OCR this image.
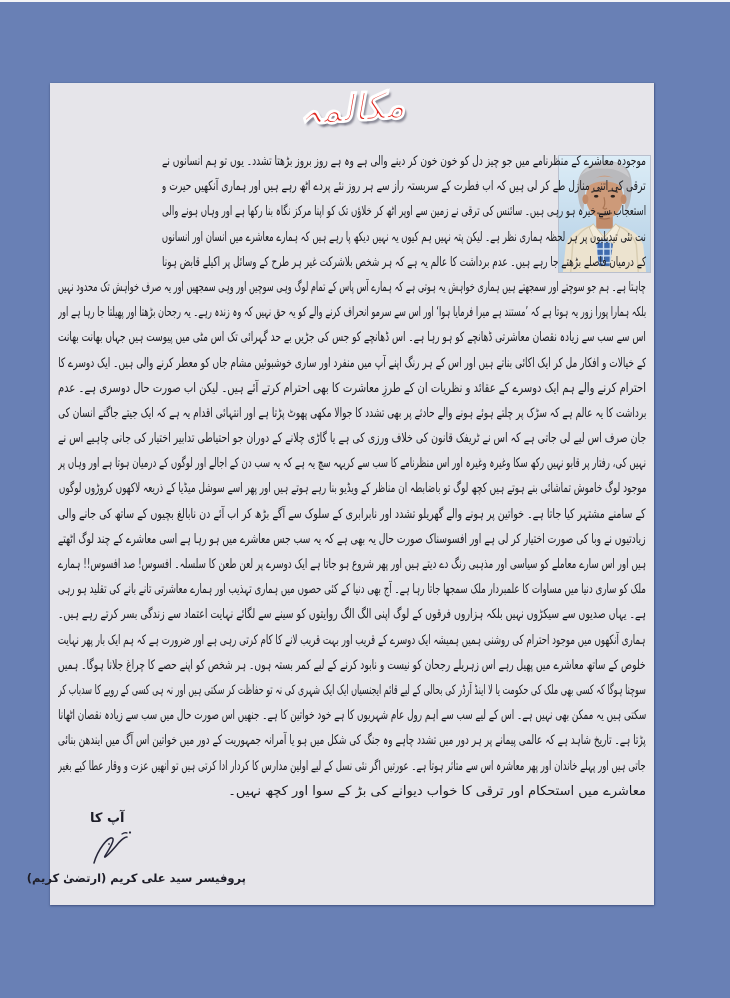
مکالمہ
موجودہ معاشرے کے منظرنامے میں جو چیز دل کو خون خون کر دینے والی ہے وہ ہے روز بروز بڑھتا تشدد۔ یوں تو ہم انسانوں نے
ترقی کی اتنی منازل طے کر لی ہیں کہ اب فطرت کے سربستہ راز سے ہر روز نئے پردے اٹھ رہے ہیں اور ہماری آنکھیں حیرت و
استعجاب سے خیرہ ہو رہی ہیں۔ سائنس کی ترقی نے زمین سے اوپر اٹھ کر خلاؤں تک کو اپنا مرکز نگاہ بنا رکھا ہے اور وہاں ہونے والی
نت نئی تبدیلیوں پر ہر لحظہ ہماری نظر ہے۔ لیکن پتہ نہیں ہم کیوں یہ نہیں دیکھ پا رہے ہیں کہ ہمارے معاشرے میں انسان اور انسانوں
کے درمیان فاصلے بڑھتے جا رہے ہیں۔ عدم برداشت کا عالم یہ ہے کہ ہر شخص بلاشرکت غیر ہر طرح کے وسائل پر اکیلے قابض ہونا
چاہتا ہے۔ ہم جو سوچتے اور سمجھتے ہیں ہماری خواہش یہ ہوتی ہے کہ ہمارے آس پاس کے تمام لوگ وہی سوچیں اور وہی سمجھیں اور یہ صرف خواہش تک محدود نہیں
بلکہ ہمارا پورا زور یہ ہوتا ہے کہ ’مستند ہے میرا فرمایا ہوا‘ اور اس سے سرمو انحراف کرنے والے کو یہ حق نہیں کہ وہ زندہ رہے۔ یہ رجحان بڑھتا اور پھیلتا جا رہا ہے اور
اس سے سب سے زیادہ نقصان معاشرتی ڈھانچے کو ہو رہا ہے۔ اس ڈھانچے کو جس کی جڑیں بے حد گہرائی تک اس مٹی میں پیوست ہیں جہاں بھانت بھانت
کے خیالات و افکار مل کر ایک اکائی بناتے ہیں اور اس کے ہر رنگ اپنے آپ میں منفرد اور ساری خوشبوئیں مشام جاں کو معطر کرنے والی ہیں۔ ایک دوسرے کا
احترام کرنے والے ہم ایک دوسرے کے عقائد و نظریات ان کے طرزِ معاشرت کا بھی احترام کرتے آئے ہیں۔ لیکن اب صورت حال دوسری ہے۔ عدم
برداشت کا یہ عالم ہے کہ سڑک پر چلتے ہوئے ہونے والے حادثے پر بھی تشدد کا جوالا مکھی پھوٹ پڑتا ہے اور انتہائی اقدام یہ ہے کہ ایک جیتے جاگتے انسان کی
جان صرف اس لیے لی جاتی ہے کہ اس نے ٹریفک قانون کی خلاف ورزی کی ہے یا گاڑی چلانے کے دوران جو احتیاطی تدابیر اختیار کی جانی چاہیے اس نے
نہیں کی، رفتار پر قابو نہیں رکھ سکا وغیرہ وغیرہ اور اس منظرنامے کا سب سے کریہہ سچ یہ ہے کہ یہ سب دن کے اجالے اور لوگوں کے درمیان ہوتا ہے اور وہاں پر
موجود لوگ خاموش تماشائی بنے ہوتے ہیں کچھ لوگ تو باضابطہ ان مناظر کے ویڈیو بنا رہے ہوتے ہیں اور پھر اسے سوشل میڈیا کے ذریعہ لاکھوں کروڑوں لوگوں
کے سامنے مشتہر کیا جاتا ہے۔ خواتین پر ہونے والے گھریلو تشدد اور نابرابری کے سلوک سے آگے بڑھ کر اب آئے دن نابالغ بچیوں کے ساتھ کی جانے والی
زیادتیوں نے وبا کی صورت اختیار کر لی ہے اور افسوسناک صورت حال یہ بھی ہے کہ یہ سب جس معاشرے میں ہو رہا ہے اسی معاشرے کے چند لوگ اٹھتے
ہیں اور اس سارے معاملے کو سیاسی اور مذہبی رنگ دے دیتے ہیں اور پھر شروع ہو جاتا ہے ایک دوسرے پر لعن طعن کا سلسلہ۔ افسوس! صد افسوس!! ہمارے
ملک کو ساری دنیا میں مساوات کا علمبردار ملک سمجھا جاتا رہا ہے۔ آج بھی دنیا کے کئی حصوں میں ہماری تہذیب اور ہمارے معاشرتی تانے بانے کی تقلید ہو رہی
ہے۔ یہاں صدیوں سے سیکڑوں نہیں بلکہ ہزاروں فرقوں کے لوگ اپنی الگ الگ روایتوں کو سینے سے لگائے نہایت اعتماد سے زندگی بسر کرتے رہے ہیں۔
ہماری آنکھوں میں موجود احترام کی روشنی ہمیں ہمیشہ ایک دوسرے کے قریب اور بہت قریب لانے کا کام کرتی رہی ہے اور ضرورت ہے کہ ہم ایک بار پھر نہایت
خلوص کے ساتھ معاشرے میں پھیل رہے اس زہریلے رجحان کو نیست و نابود کرنے کے لیے کمر بستہ ہوں۔ ہر شخص کو اپنے حصے کا چراغ جلانا ہوگا۔ ہمیں
سوچنا ہوگا کہ کسی بھی ملک کی حکومت یا لا اینڈ آرڈر کی بحالی کے لیے قائم ایجنسیاں ایک ایک شہری کی نہ تو حفاظت کر سکتی ہیں اور نہ ہی کسی کے رویے کا سدباب کر
سکتی ہیں یہ ممکن بھی نہیں ہے۔ اس کے لیے سب سے اہم رول عام شہریوں کا ہے خود خواتین کا ہے۔ جنھیں اس صورت حال میں سب سے زیادہ نقصان اٹھانا
پڑتا ہے۔ تاریخ شاہد ہے کہ عالمی پیمانے پر ہر دور میں تشدد چاہے وہ جنگ کی شکل میں ہو یا آمرانہ جمہوریت کے دور میں خواتین اس آگ میں ایندھن بنائی
جاتی ہیں اور پہلے خاندان اور پھر معاشرہ اس سے متاثر ہوتا ہے۔ عورتیں اگر نئی نسل کے لیے اولین مدارس کا کردار ادا کرتی ہیں تو انھیں عزت و وقار عطا کیے بغیر
معاشرے میں استحکام اور ترقی کا خواب دیوانے کی بڑ کے سوا اور کچھ نہیں۔
آپ کا
پروفیسر سید علی کریم (ارتضیٰ کریم)
